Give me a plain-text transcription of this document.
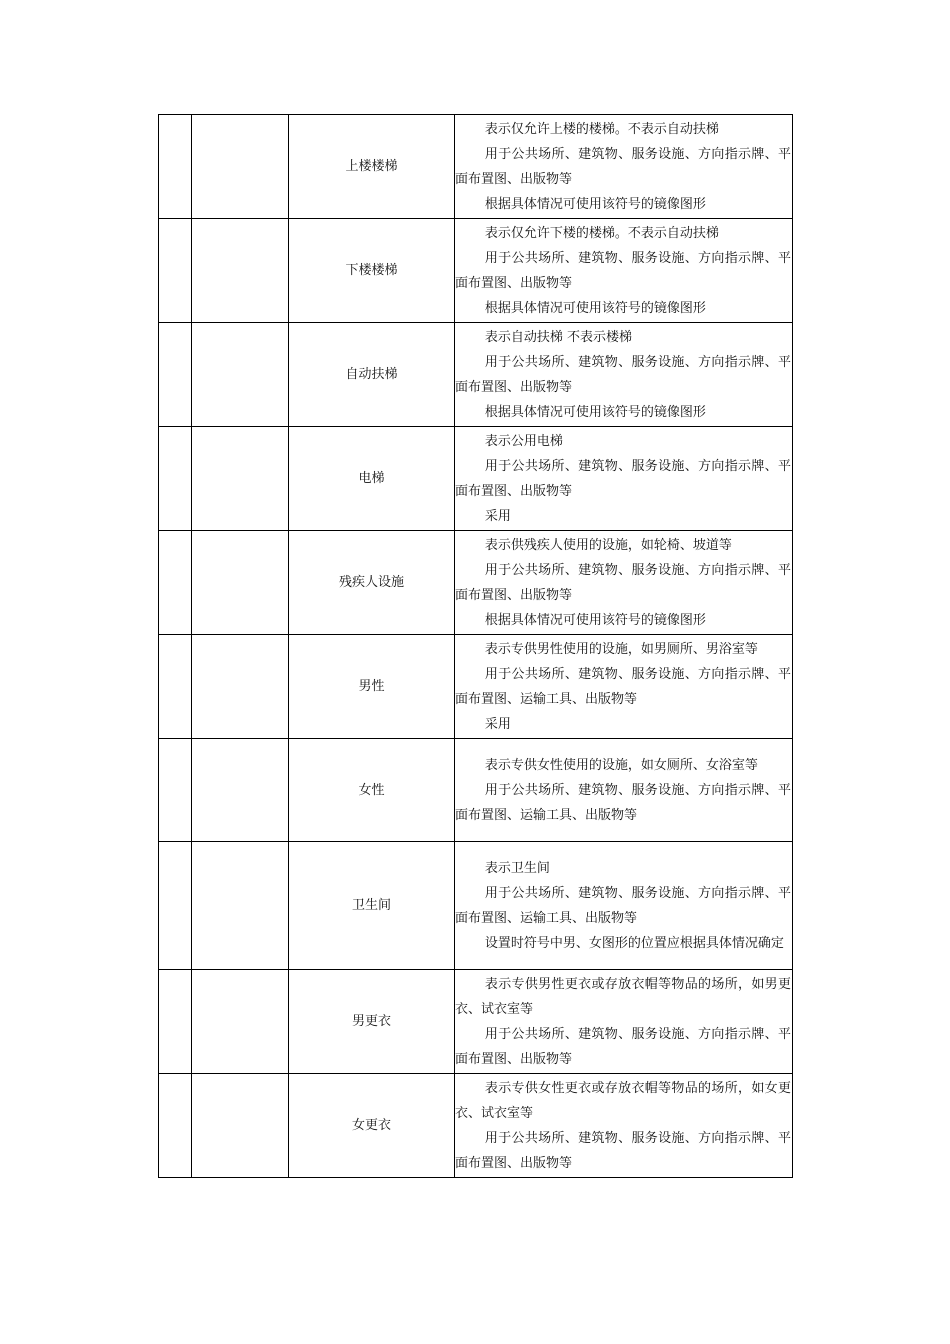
		上楼楼梯	表示仅允许上楼的楼梯。不表示自动扶梯

用于公共场所、建筑物、服务设施、方向指示牌、平面布置图、出版物等

根据具体情况可使用该符号的镜像图形

		下楼楼梯	表示仅允许下楼的楼梯。不表示自动扶梯

用于公共场所、建筑物、服务设施、方向指示牌、平面布置图、出版物等

根据具体情况可使用该符号的镜像图形

		自动扶梯	表示自动扶梯 不表示楼梯

用于公共场所、建筑物、服务设施、方向指示牌、平面布置图、出版物等

根据具体情况可使用该符号的镜像图形

		电梯	表示公用电梯

用于公共场所、建筑物、服务设施、方向指示牌、平面布置图、出版物等

采用

		残疾人设施	表示供残疾人使用的设施，如轮椅、坡道等

用于公共场所、建筑物、服务设施、方向指示牌、平面布置图、出版物等

根据具体情况可使用该符号的镜像图形

		男性	表示专供男性使用的设施，如男厕所、男浴室等

用于公共场所、建筑物、服务设施、方向指示牌、平面布置图、运输工具、出版物等

采用

		女性	表示专供女性使用的设施，如女厕所、女浴室等

用于公共场所、建筑物、服务设施、方向指示牌、平面布置图、运输工具、出版物等

		卫生间	表示卫生间

用于公共场所、建筑物、服务设施、方向指示牌、平面布置图、运输工具、出版物等

设置时符号中男、女图形的位置应根据具体情况确定

		男更衣	表示专供男性更衣或存放衣帽等物品的场所，如男更衣、试衣室等

用于公共场所、建筑物、服务设施、方向指示牌、平面布置图、出版物等

		女更衣	表示专供女性更衣或存放衣帽等物品的场所，如女更衣、试衣室等

用于公共场所、建筑物、服务设施、方向指示牌、平面布置图、出版物等
